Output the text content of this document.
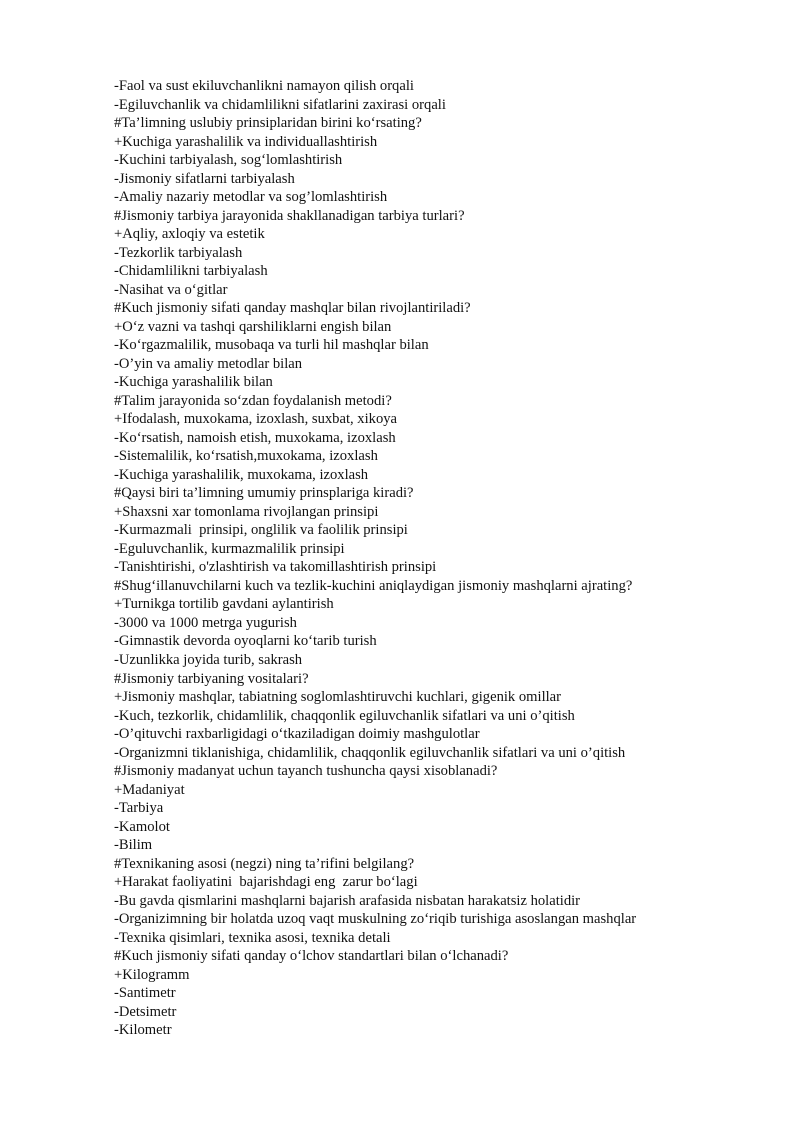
-Faol va sust ekiluvchanlikni namayon qilish orqali
-Egiluvchanlik va chidamlilikni sifatlarini zaxirasi orqali
#Ta’limning uslubiy prinsiplaridan birini ko‘rsating?
+Kuchiga yarashalilik va individuallashtirish
-Kuchini tarbiyalash, sog‘lomlashtirish
-Jismoniy sifatlarni tarbiyalash
-Amaliy nazariy metodlar va sog’lomlashtirish
#Jismoniy tarbiya jarayonida shakllanadigan tarbiya turlari?
+Aqliy, axloqiy va estetik
-Tezkorlik tarbiyalash
-Chidamlilikni tarbiyalash
-Nasihat va o‘gitlar
#Kuch jismoniy sifati qanday mashqlar bilan rivojlantiriladi?
+O‘z vazni va tashqi qarshiliklarni engish bilan
-Ko‘rgazmalilik, musobaqa va turli hil mashqlar bilan
-O’yin va amaliy metodlar bilan
-Kuchiga yarashalilik bilan
#Talim jarayonida so‘zdan foydalanish metodi?
+Ifodalash, muxokama, izoxlash, suxbat, xikoya
-Ko‘rsatish, namoish etish, muxokama, izoxlash
-Sistemalilik, ko‘rsatish,muxokama, izoxlash
-Kuchiga yarashalilik, muxokama, izoxlash
#Qaysi biri ta’limning umumiy prinsplariga kiradi?
+Shaxsni xar tomonlama rivojlangan prinsipi
-Kurmazmali  prinsipi, onglilik va faolilik prinsipi
-Eguluvchanlik, kurmazmalilik prinsipi
-Tanishtirishi, o'zlashtirish va takomillashtirish prinsipi
#Shug‘illanuvchilarni kuch va tezlik-kuchini aniqlaydigan jismoniy mashqlarni ajrating?
+Turnikga tortilib gavdani aylantirish
-3000 va 1000 metrga yugurish
-Gimnastik devorda oyoqlarni ko‘tarib turish
-Uzunlikka joyida turib, sakrash
#Jismoniy tarbiyaning vositalari?
+Jismoniy mashqlar, tabiatning soglomlashtiruvchi kuchlari, gigenik omillar
-Kuch, tezkorlik, chidamlilik, chaqqonlik egiluvchanlik sifatlari va uni o’qitish
-O’qituvchi raxbarligidagi o‘tkaziladigan doimiy mashgulotlar
-Organizmni tiklanishiga, chidamlilik, chaqqonlik egiluvchanlik sifatlari va uni o’qitish
#Jismoniy madanyat uchun tayanch tushuncha qaysi xisoblanadi?
+Madaniyat
-Tarbiya
-Kamolot
-Bilim
#Texnikaning asosi (negzi) ning ta’rifini belgilang?
+Harakat faoliyatini  bajarishdagi eng  zarur bo‘lagi
-Bu gavda qismlarini mashqlarni bajarish arafasida nisbatan harakatsiz holatidir
-Organizimning bir holatda uzoq vaqt muskulning zo‘riqib turishiga asoslangan mashqlar
-Texnika qisimlari, texnika asosi, texnika detali
#Kuch jismoniy sifati qanday o‘lchov standartlari bilan o‘lchanadi?
+Kilogramm
-Santimetr
-Detsimetr
-Kilometr
